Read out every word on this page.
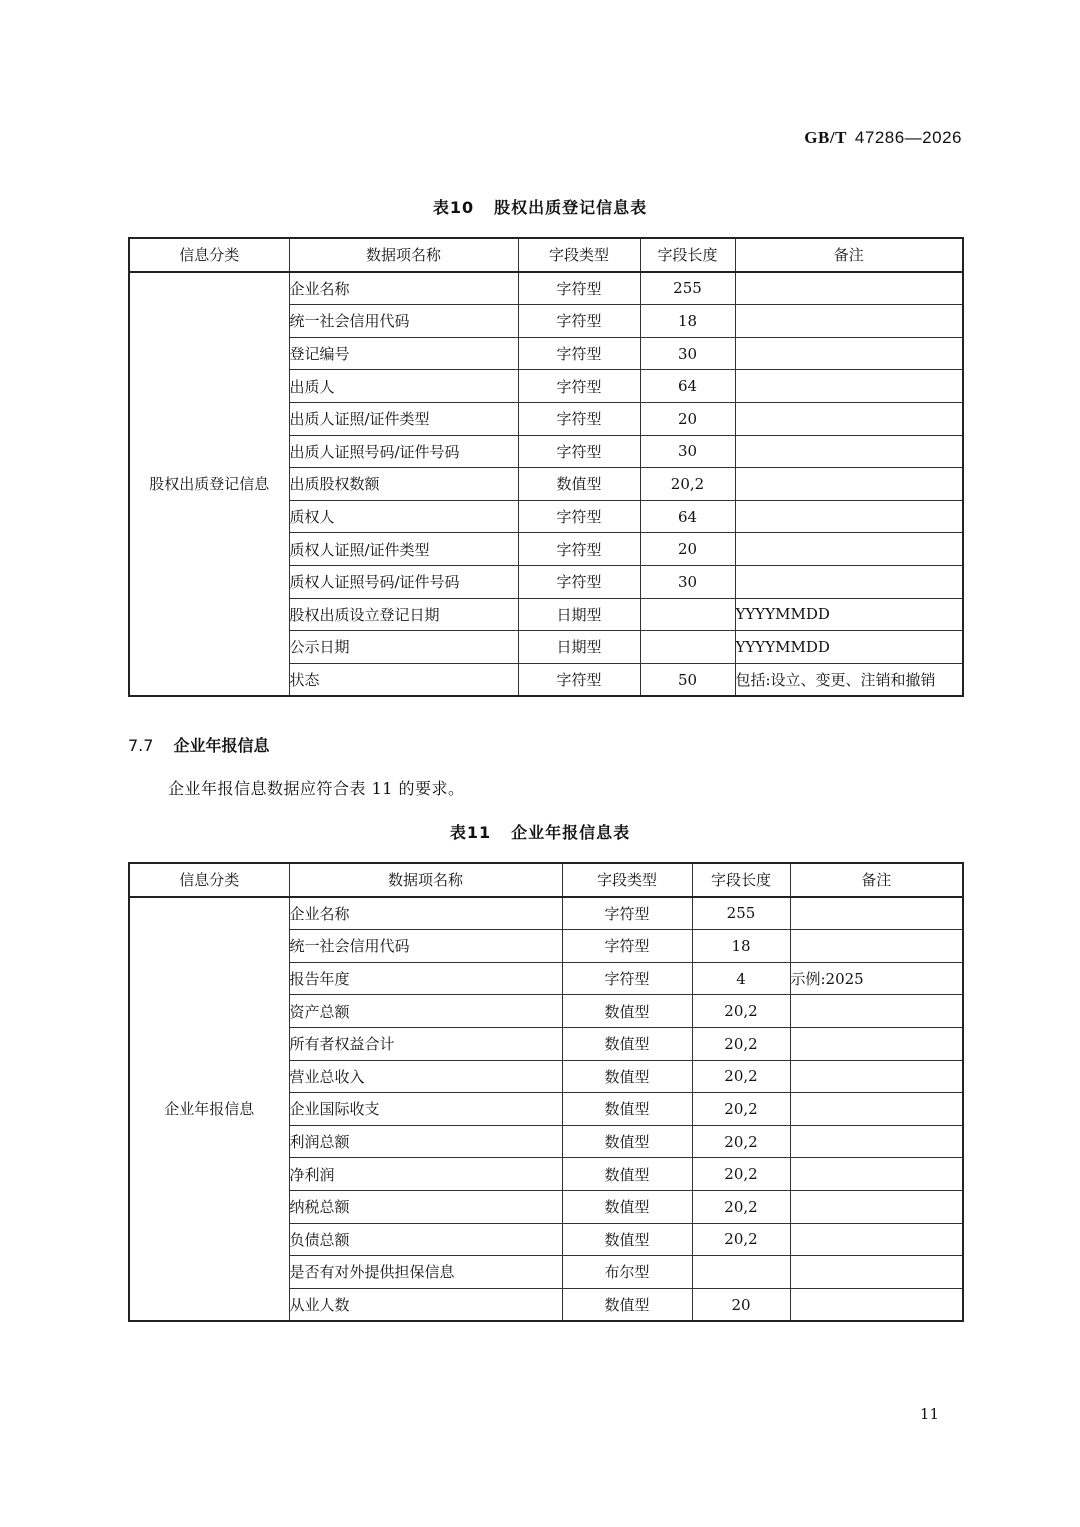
GB/T 47286—2026
表10 股权出质登记信息表
信息分类	数据项名称	字段类型	字段长度	备注
股权出质登记信息	企业名称	字符型	255	
	统一社会信用代码	字符型	18	
	登记编号	字符型	30	
	出质人	字符型	64	
	出质人证照/证件类型	字符型	20	
	出质人证照号码/证件号码	字符型	30	
	出质股权数额	数值型	20,2	
	质权人	字符型	64	
	质权人证照/证件类型	字符型	20	
	质权人证照号码/证件号码	字符型	30	
	股权出质设立登记日期	日期型		YYYYMMDD
	公示日期	日期型		YYYYMMDD
	状态	字符型	50	包括:设立、变更、注销和撤销
7.7 企业年报信息
企业年报信息数据应符合表 11 的要求。
表11 企业年报信息表
信息分类	数据项名称	字段类型	字段长度	备注
企业年报信息	企业名称	字符型	255	
	统一社会信用代码	字符型	18	
	报告年度	字符型	4	示例:2025
	资产总额	数值型	20,2	
	所有者权益合计	数值型	20,2	
	营业总收入	数值型	20,2	
	企业国际收支	数值型	20,2	
	利润总额	数值型	20,2	
	净利润	数值型	20,2	
	纳税总额	数值型	20,2	
	负债总额	数值型	20,2	
	是否有对外提供担保信息	布尔型		
	从业人数	数值型	20	
11
